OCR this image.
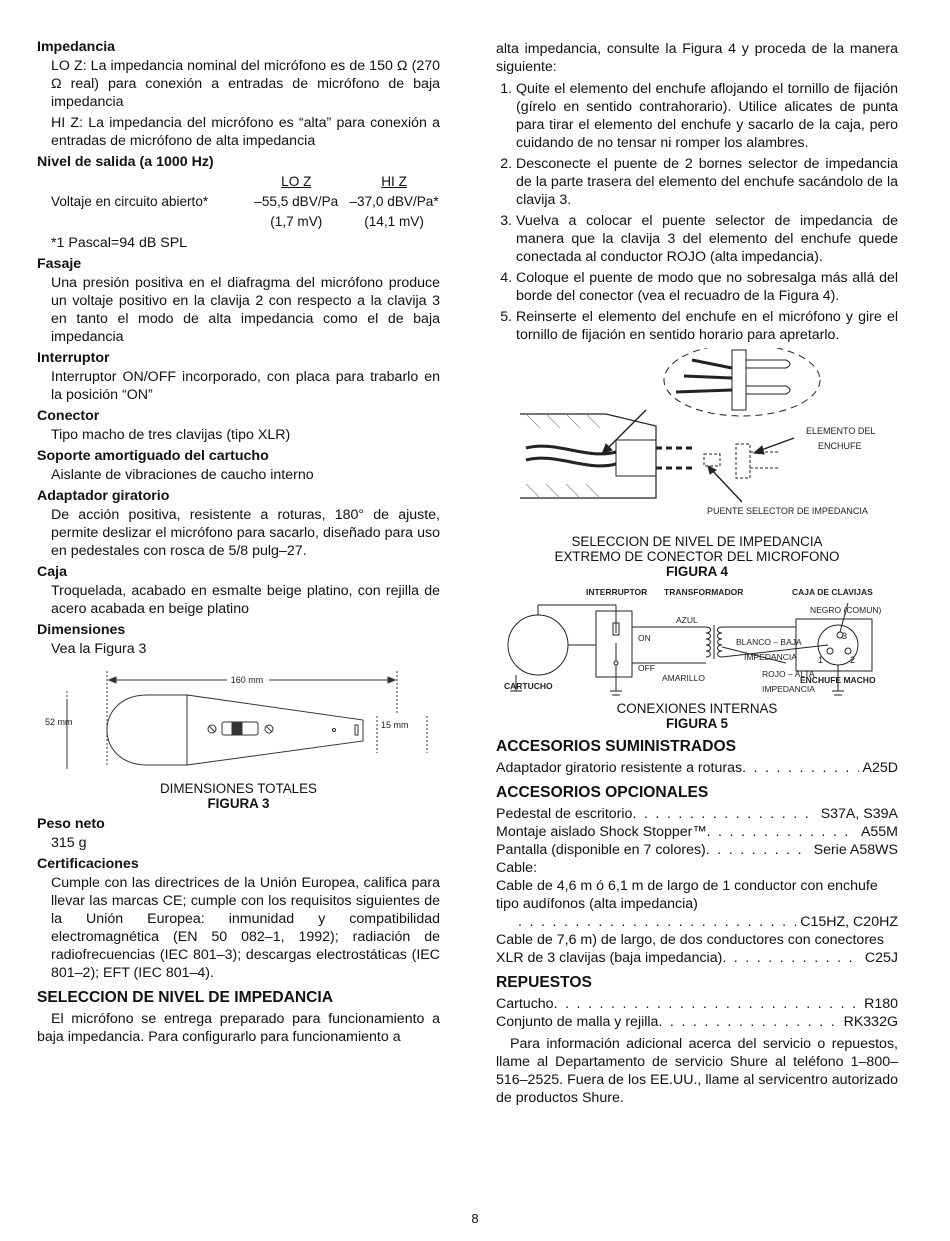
Impedancia

LO Z: La impedancia nominal del micrófono es de 150 Ω (270 Ω real) para conexión a entradas de micrófono de baja impedancia

HI Z: La impedancia del micrófono es “alta” para conexión a entradas de micrófono de alta impedancia

Nivel de salida (a 1000 Hz)

	LO Z	HI Z
Voltaje en circuito abierto*	–55,5 dBV/Pa	–37,0 dBV/Pa*
	(1,7 mV)	(14,1 mV)

*1 Pascal=94 dB SPL

Fasaje

Una presión positiva en el diafragma del micrófono produce un voltaje positivo en la clavija 2 con respecto a la clavija 3 en tanto el modo de alta impedancia como el de baja impedancia

Interruptor

Interruptor ON/OFF incorporado, con placa para trabarlo en la posición “ON”

Conector

Tipo macho de tres clavijas (tipo XLR)

Soporte amortiguado del cartucho

Aislante de vibraciones de caucho interno

Adaptador giratorio

De acción positiva, resistente a roturas, 180° de ajuste, permite deslizar el micrófono para sacarlo, diseñado para uso en pedestales con rosca de 5/8 pulg–27.

Caja

Troquelada, acabado en esmalte beige platino, con rejilla de acero acabada en beige platino

Dimensiones

Vea la Figura 3

160 mm
52 mm	15 mm
DIMENSIONES TOTALES
FIGURA 3

Peso neto

315 g

Certificaciones

Cumple con las directrices de la Unión Europea, califica para llevar las marcas CE; cumple con los requisitos siguientes de la Unión Europea: inmunidad y compatibilidad electromagnética (EN 50 082–1, 1992); radiación de radiofrecuencias (IEC 801–3); descargas electrostáticas (IEC 801–2); EFT (IEC 801–4).

SELECCION DE NIVEL DE IMPEDANCIA

El micrófono se entrega preparado para funcionamiento a baja impedancia. Para configurarlo para funcionamiento a

alta impedancia, consulte la Figura 4 y proceda de la manera siguiente:

1. Quite el elemento del enchufe aflojando el tornillo de fijación (gírelo en sentido contrahorario). Utilice alicates de punta para tirar el elemento del enchufe y sacarlo de la caja, pero cuidando de no tensar ni romper los alambres.
2. Desconecte el puente de 2 bornes selector de impedancia de la parte trasera del elemento del enchufe sacándolo de la clavija 3.
3. Vuelva a colocar el puente selector de impedancia de manera que la clavija 3 del elemento del enchufe quede conectada al conductor ROJO (alta impedancia).
4. Coloque el puente de modo que no sobresalga más allá del borde del conector (vea el recuadro de la Figura 4).
5. Reinserte el elemento del enchufe en el micrófono y gire el tornillo de fijación en sentido horario para apretarlo.
ELEMENTO DEL
ENCHUFE
PUENTE SELECTOR DE IMPEDANCIA
SELECCION DE NIVEL DE IMPEDANCIA
EXTREMO DE CONECTOR DEL MICROFONO
FIGURA 4
INTERRUPTOR TRANSFORMADOR	CAJA DE CLAVIJAS
NEGRO (COMUN)
AZUL
ON
OFF
BLANCO – BAJA
IMPEDANCIA
AMARILLO	ROJO – ALTA
IMPEDANCIA
CARTUCHO
ENCHUFE MACHO
1	2
3
CONEXIONES INTERNAS
FIGURA 5

ACCESORIOS SUMINISTRADOS

Adaptador giratorio resistente a roturas . . .	A25D

ACCESORIOS OPCIONALES

Pedestal de escritorio . . .	S37A, S39A
Montaje aislado Shock Stopper™ . . .	A55M
Pantalla (disponible en 7 colores) . . .	Serie A58WS
Cable:
Cable de 4,6 m ó 6,1 m de largo de 1 conductor con enchufe tipo audífonos (alta impedancia)
. . .
C15HZ, C20HZ
Cable de 7,6 m) de largo, de dos conductores con conectores
XLR de 3 clavijas (baja impedancia) . . .	C25J

REPUESTOS

Cartucho . . .	R180
Conjunto de malla y rejilla . . .	RK332G

Para información adicional acerca del servicio o repuestos, llame al Departamento de servicio Shure al teléfono 1–800–516–2525. Fuera de los EE.UU., llame al servicentro autorizado de productos Shure.

8
